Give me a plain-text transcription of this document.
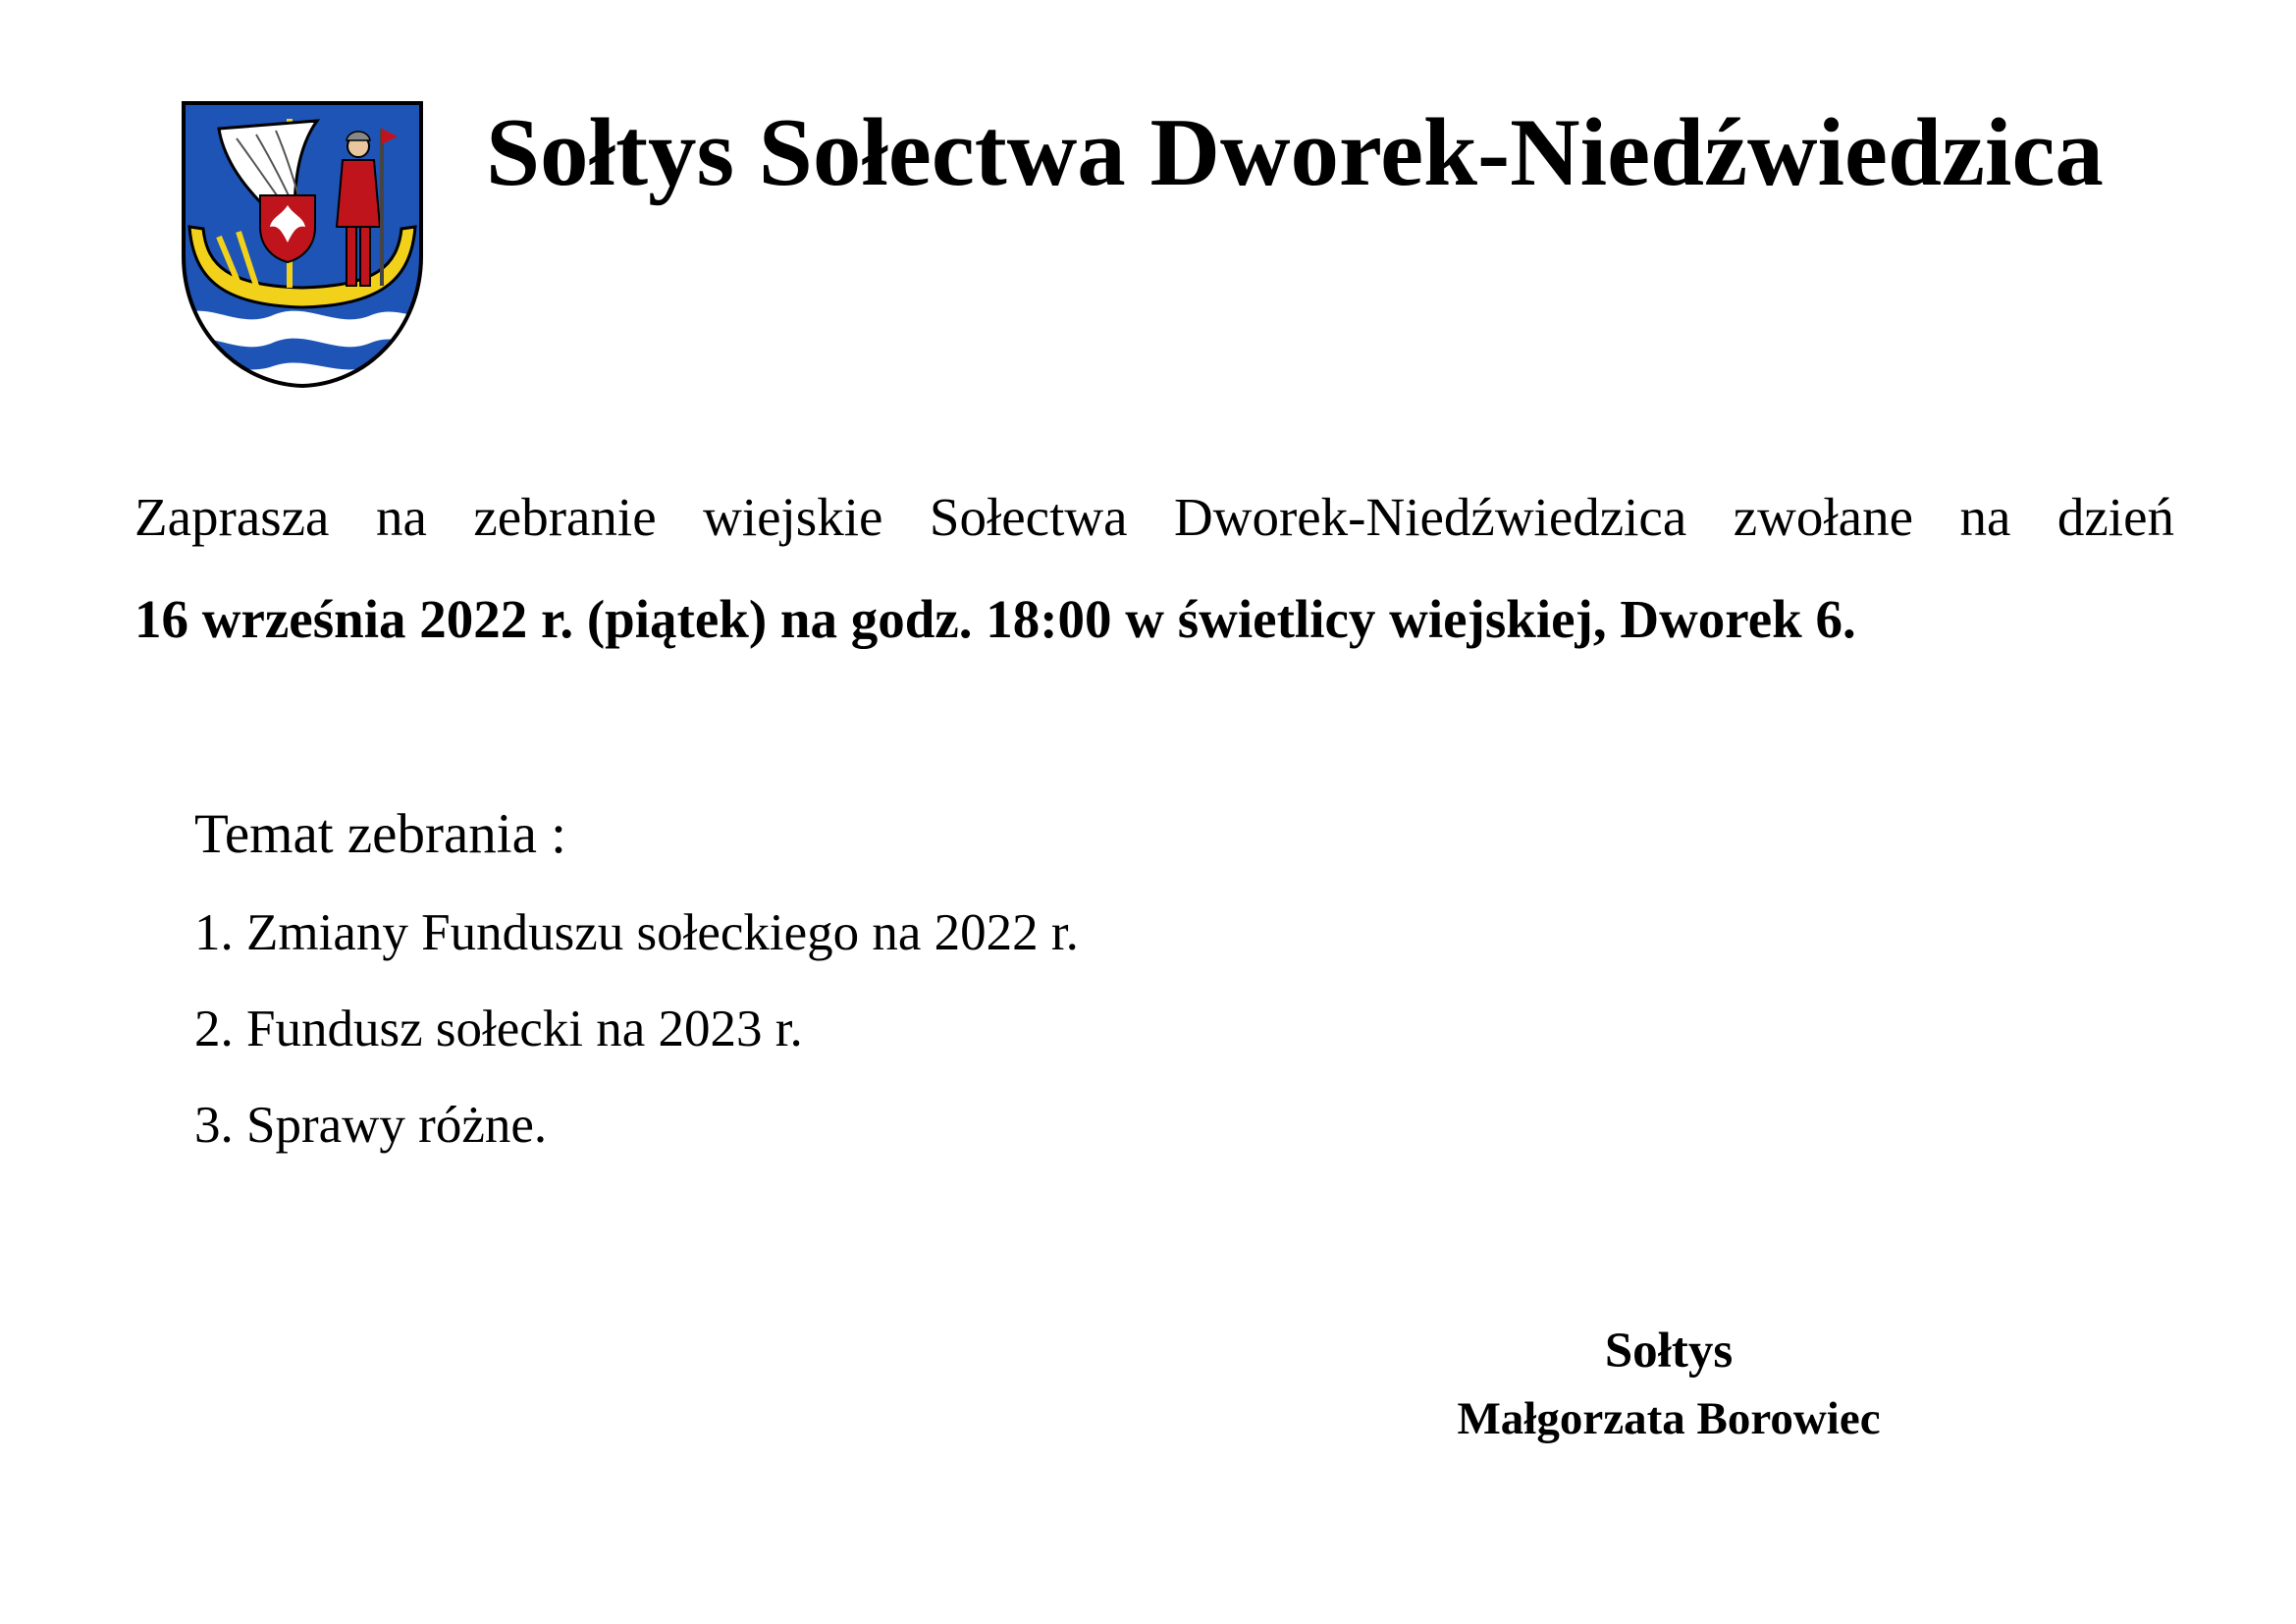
Sołtys Sołectwa Dworek-Niedźwiedzica

Zaprasza na zebranie wiejskie Sołectwa Dworek-Niedźwiedzica zwołane na dzień

16 września 2022 r. (piątek) na godz. 18:00 w świetlicy wiejskiej, Dworek 6.

Temat zebrania :
1. Zmiany Funduszu sołeckiego na 2022 r.
2. Fundusz sołecki na 2023 r.
3. Sprawy różne.
Sołtys
Małgorzata Borowiec
